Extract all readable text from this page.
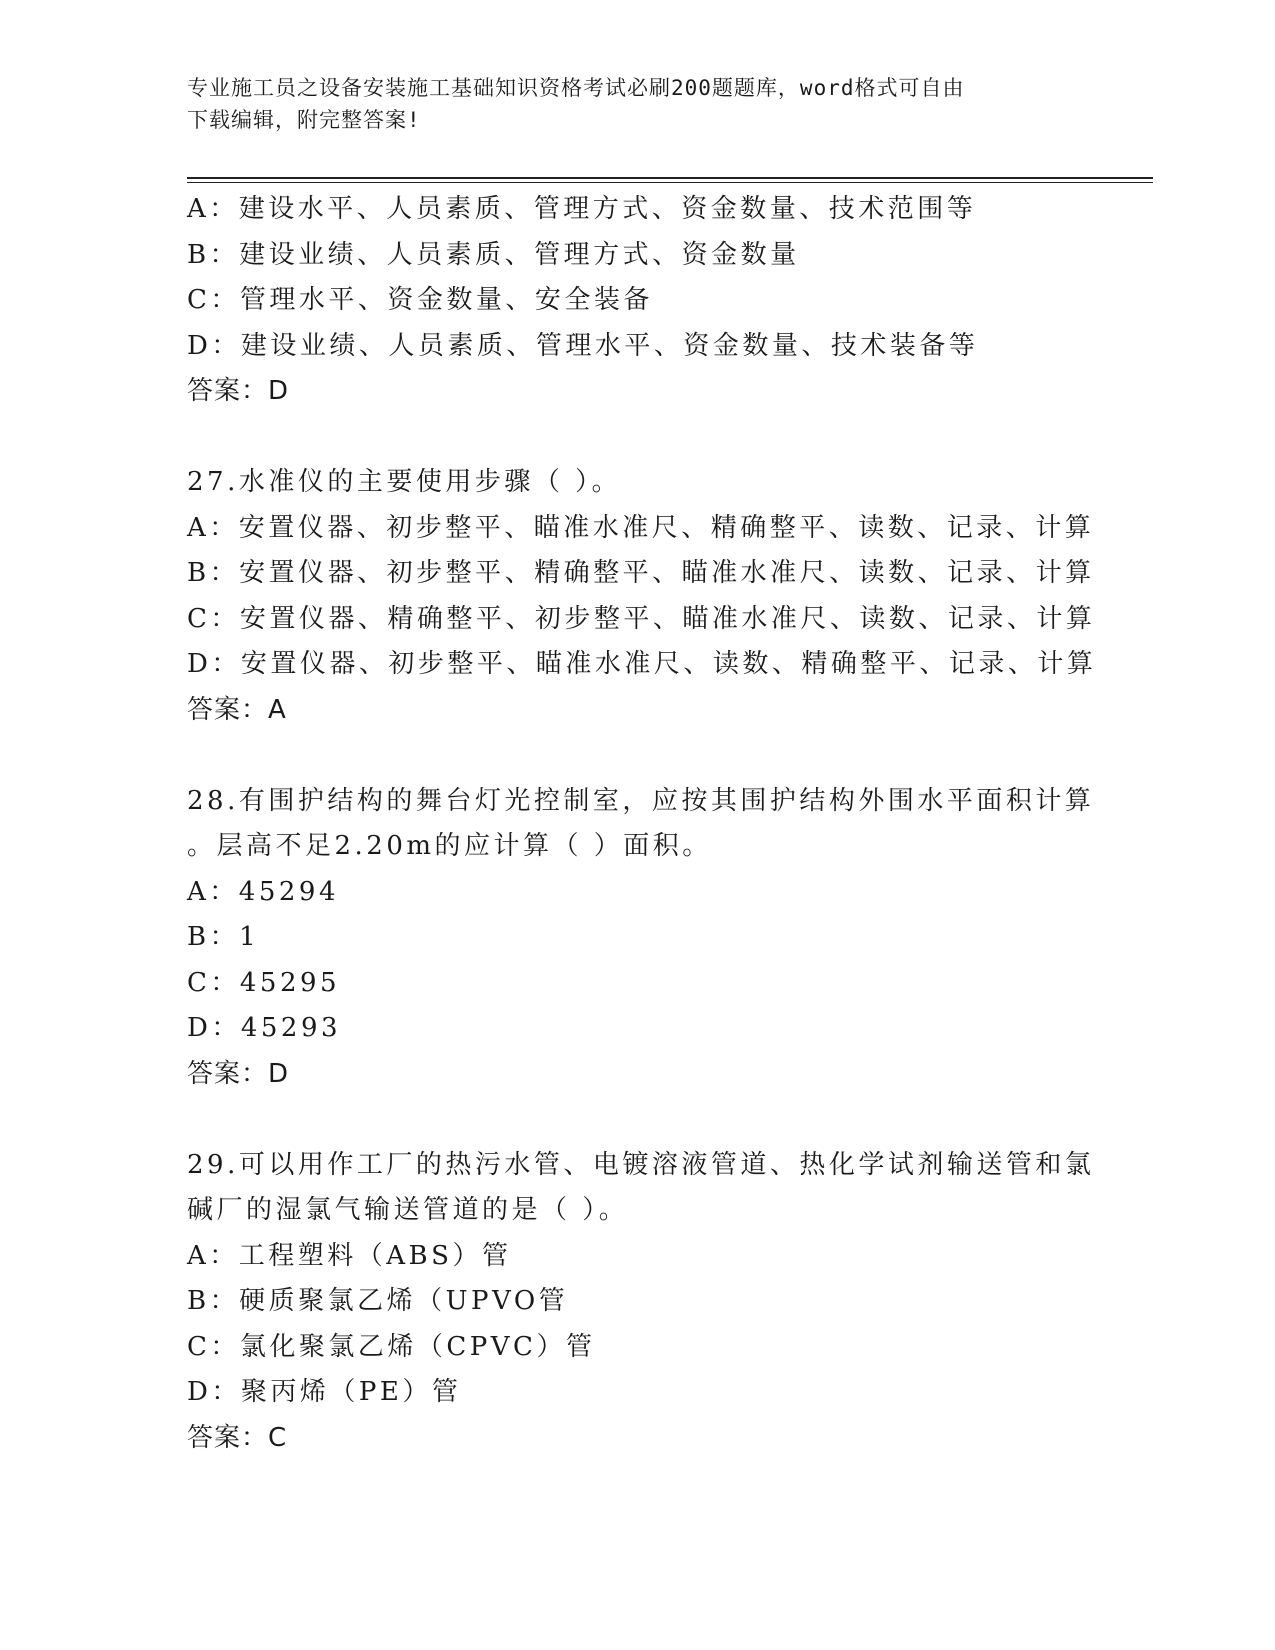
专业施工员之设备安装施工基础知识资格考试必刷200题题库，word格式可自由
下载编辑，附完整答案!
A：建设水平、人员素质、管理方式、资金数量、技术范围等
B：建设业绩、人员素质、管理方式、资金数量
C：管理水平、资金数量、安全装备
D：建设业绩、人员素质、管理水平、资金数量、技术装备等
答案：D
27.水准仪的主要使用步骤（ ）。
A：安置仪器、初步整平、瞄准水准尺、精确整平、读数、记录、计算
B：安置仪器、初步整平、精确整平、瞄准水准尺、读数、记录、计算
C：安置仪器、精确整平、初步整平、瞄准水准尺、读数、记录、计算
D：安置仪器、初步整平、瞄准水准尺、读数、精确整平、记录、计算
答案：A
28.有围护结构的舞台灯光控制室，应按其围护结构外围水平面积计算
。层高不足2.20m的应计算（ ）面积。
A：45294
B：1
C：45295
D：45293
答案：D
29.可以用作工厂的热污水管、电镀溶液管道、热化学试剂输送管和氯
碱厂的湿氯气输送管道的是（ ）。
A：工程塑料（ABS）管
B：硬质聚氯乙烯（UPVO管
C：氯化聚氯乙烯（CPVC）管
D：聚丙烯（PE）管
答案：C
